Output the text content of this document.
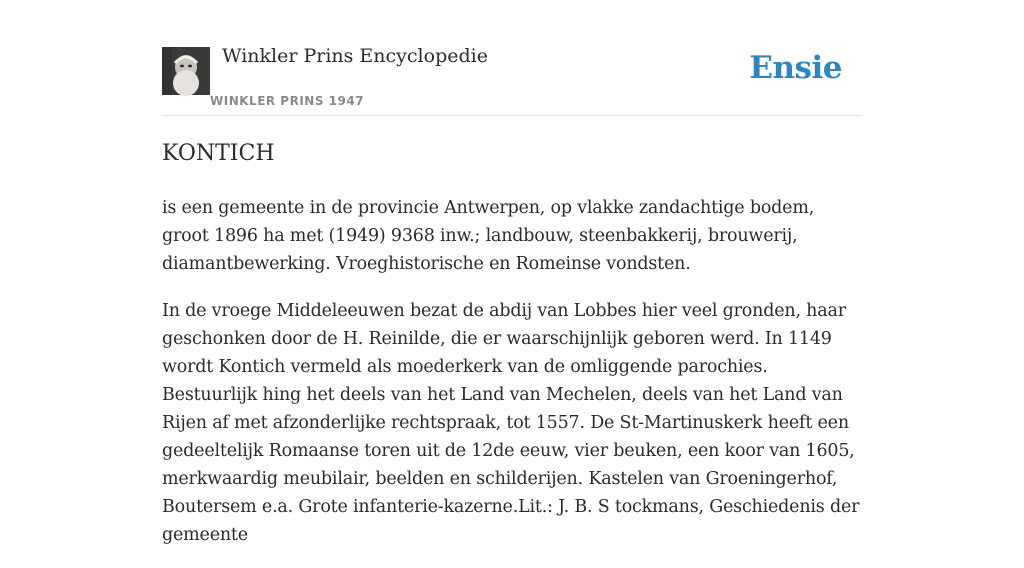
Winkler Prins Encyclopedie
WINKLER PRINS 1947
Ensie
KONTICH

is een gemeente in de provincie Antwerpen, op vlakke zandachtige bodem, groot 1896 ha met (1949) 9368 inw.; landbouw, steenbakkerij, brouwerij, diamantbewerking. Vroeghistorische en Romeinse vondsten.

In de vroege Middeleeuwen bezat de abdij van Lobbes hier veel gronden, haar geschonken door de H. Reinilde, die er waarschijnlijk geboren werd. In 1149 wordt Kontich vermeld als moederkerk van de omliggende parochies. Bestuurlijk hing het deels van het Land van Mechelen, deels van het Land van Rijen af met afzonderlijke rechtspraak, tot 1557. De St-Martinuskerk heeft een gedeeltelijk Romaanse toren uit de 12de eeuw, vier beuken, een koor van 1605, merkwaardig meubilair, beelden en schilderijen. Kastelen van Groeningerhof, Boutersem e.a. Grote infanterie-kazerne.Lit.: J. B. S tockmans, Geschiedenis der gemeente
